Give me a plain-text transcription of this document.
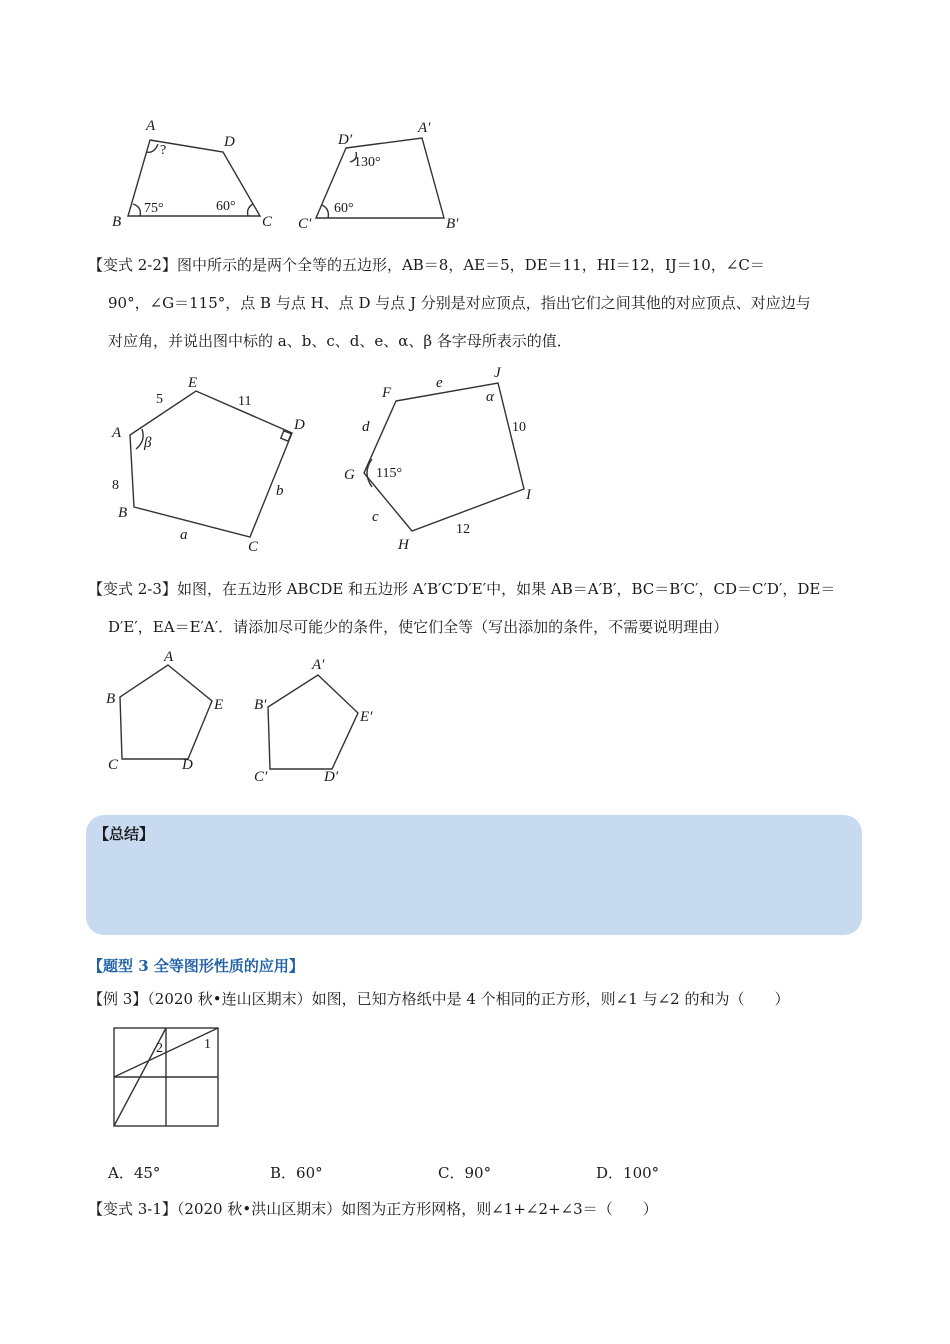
A
D
B	C
?
75°	60°
D′
A′
C′	B′
130°
60°
【变式 2-2】图中所示的是两个全等的五边形，AB＝8，AE＝5，DE＝11，HI＝12，IJ＝10，∠C＝
90°，∠G＝115°，点 B 与点 H、点 D 与点 J 分别是对应顶点，指出它们之间其他的对应顶点、对应边与
对应角，并说出图中标的 a、b、c、d、e、α、β 各字母所表示的值．
A
E
D
B
C
5	11
8	b
a
β
F
J
G
I
H
e
d	10
c
12
α
115°
【变式 2-3】如图，在五边形 ABCDE 和五边形 A′B′C′D′E′中，如果 AB＝A′B′，BC＝B′C′，CD＝C′D′，DE＝
D′E′，EA＝E′A′．请添加尽可能少的条件，使它们全等（写出添加的条件，不需要说明理由）
A
B	E
C	D
A′
B′
E′
C′	D′
【总结】
【题型 3 全等图形性质的应用】
【例 3】（2020 秋•连山区期末）如图，已知方格纸中是 4 个相同的正方形，则∠1 与∠2 的和为（　　）
2	1
A．45°	B．60°	C．90°	D．100°
【变式 3-1】（2020 秋•洪山区期末）如图为正方形网格，则∠1+∠2+∠3＝（　　）
